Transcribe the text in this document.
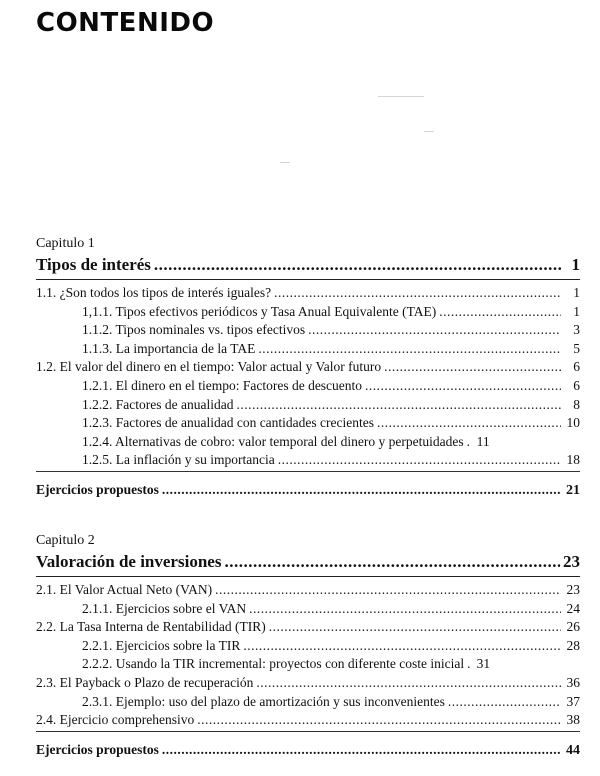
CONTENIDO
Capitulo 1
Tipos de interés .....	1
1.1. ¿Son todos los tipos de interés iguales? .....	1
1,1.1. Tipos efectivos periódicos y Tasa Anual Equivalente (TAE) .....	1
1.1.2. Tipos nominales vs. tipos efectivos .....	3
1.1.3. La importancia de la TAE .....	5
1.2. El valor del dinero en el tiempo: Valor actual y Valor futuro .....	6
1.2.1. El dinero en el tiempo: Factores de descuento .....	6
1.2.2. Factores de anualidad .....	8
1.2.3. Factores de anualidad con cantidades crecientes .....	10
1.2.4. Alternativas de cobro: valor temporal del dinero y perpetuidades ..... 11
1.2.5. La inflación y su importancia .....	18
Ejercicios propuestos .....	21
Capitulo 2
Valoración de inversiones .....	23
2.1. El Valor Actual Neto (VAN) .....	23
2.1.1. Ejercicios sobre el VAN .....	24
2.2. La Tasa Interna de Rentabilidad (TIR) .....	26
2.2.1. Ejercicios sobre la TIR .....	28
2.2.2. Usando la TIR incremental: proyectos con diferente coste inicial ..... 31
2.3. El Payback o Plazo de recuperación .....	36
2.3.1. Ejemplo: uso del plazo de amortización y sus inconvenientes .....	37
2.4. Ejercicio comprehensivo .....	38
Ejercicios propuestos .....	44
